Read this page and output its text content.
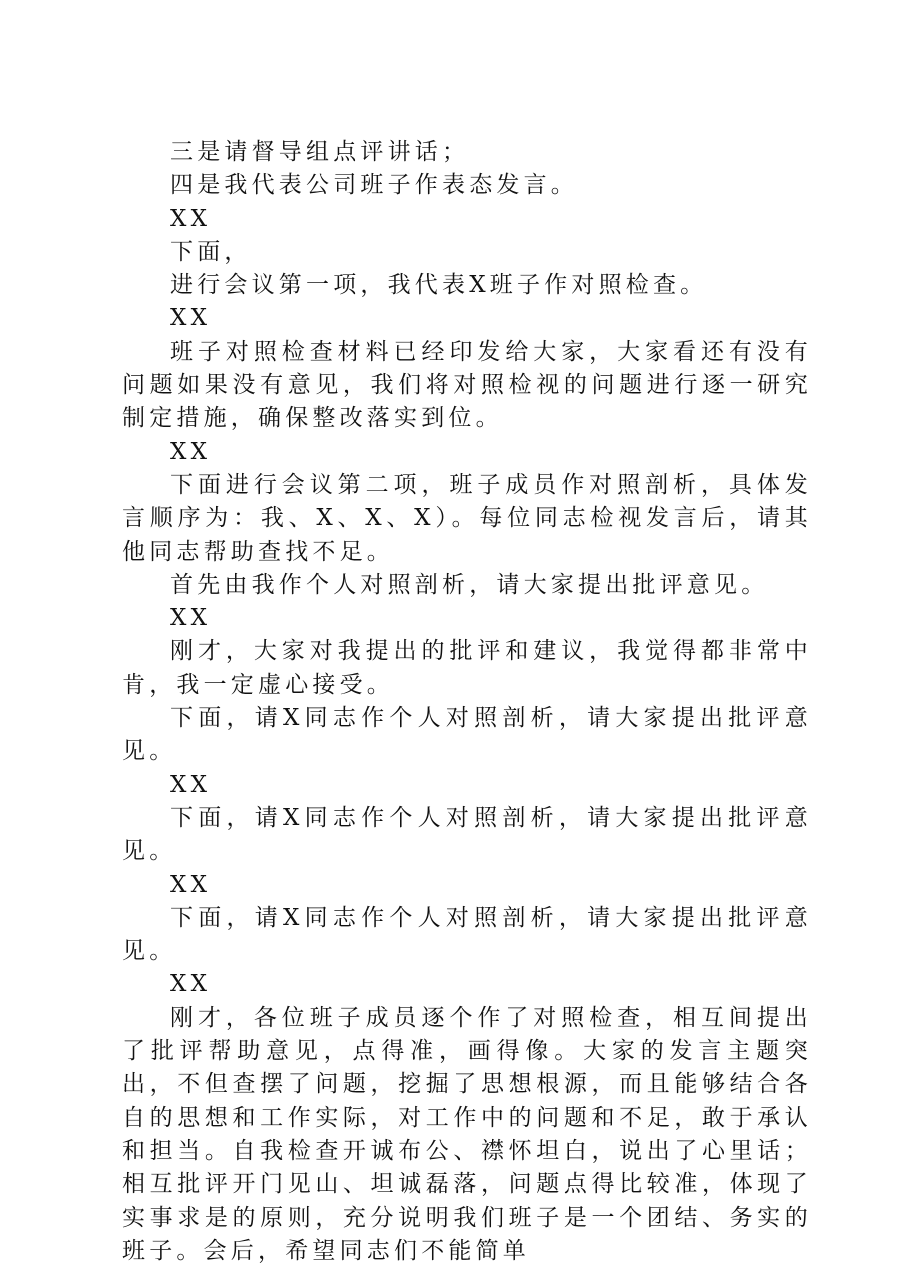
三是请督导组点评讲话；

四是我代表公司班子作表态发言。

XX

下面，

进行会议第一项，我代表X班子作对照检查。

XX

班子对照检查材料已经印发给大家，大家看还有没有问题如果没有意见，我们将对照检视的问题进行逐一研究制定措施，确保整改落实到位。

XX

下面进行会议第二项，班子成员作对照剖析，具体发言顺序为：我、X、X、X）。每位同志检视发言后，请其他同志帮助查找不足。

首先由我作个人对照剖析，请大家提出批评意见。

XX

刚才，大家对我提出的批评和建议，我觉得都非常中肯，我一定虚心接受。

下面，请X同志作个人对照剖析，请大家提出批评意见。

XX

下面，请X同志作个人对照剖析，请大家提出批评意见。

XX

下面，请X同志作个人对照剖析，请大家提出批评意见。

XX

刚才，各位班子成员逐个作了对照检查，相互间提出了批评帮助意见，点得准，画得像。大家的发言主题突出，不但查摆了问题，挖掘了思想根源，而且能够结合各自的思想和工作实际，对工作中的问题和不足，敢于承认和担当。自我检查开诚布公、襟怀坦白，说出了心里话；相互批评开门见山、坦诚磊落，问题点得比较准，体现了实事求是的原则，充分说明我们班子是一个团结、务实的班子。会后，希望同志们不能简单
